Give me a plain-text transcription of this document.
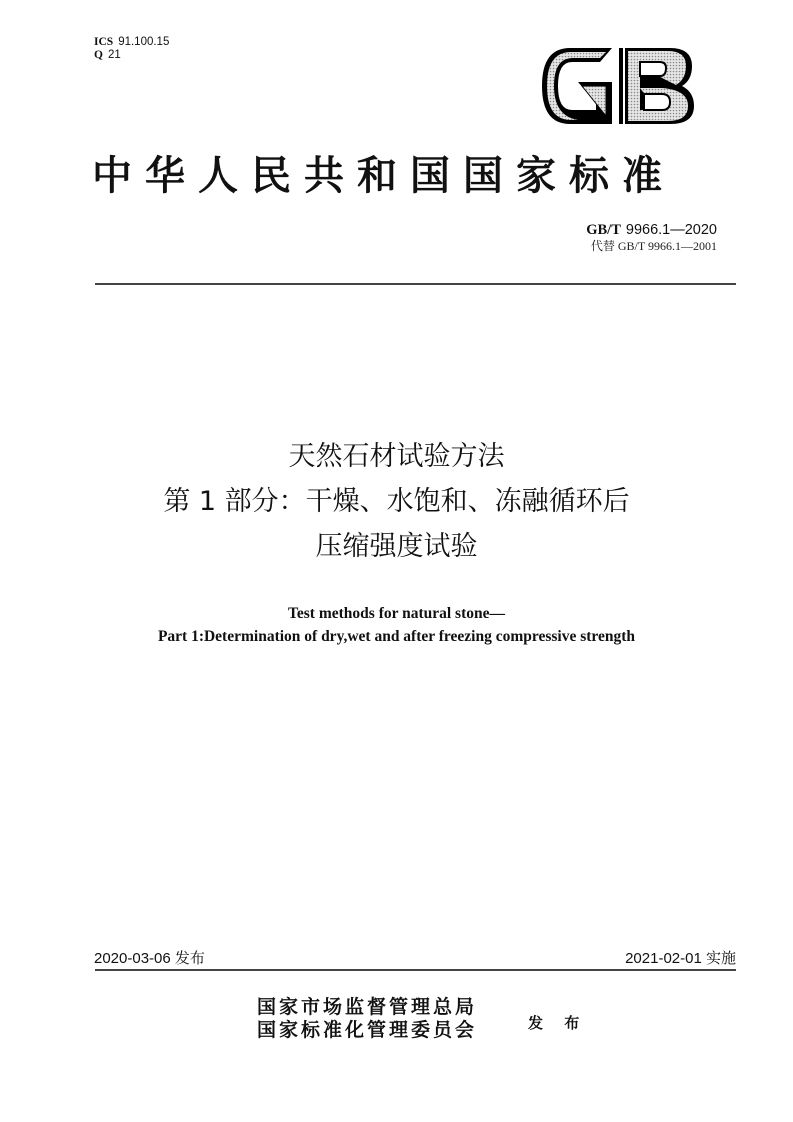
ICS 91.100.15
Q 21
中华人民共和国国家标准
GB/T 9966.1—2020
代替 GB/T 9966.1—2001
天然石材试验方法
第 1 部分：干燥、水饱和、冻融循环后
压缩强度试验
Test methods for natural stone—
Part 1:Determination of dry,wet and after freezing compressive strength
2020-03-06 发布	2021-02-01 实施
国家市场监督管理总局
国家标准化管理委员会	发 布
